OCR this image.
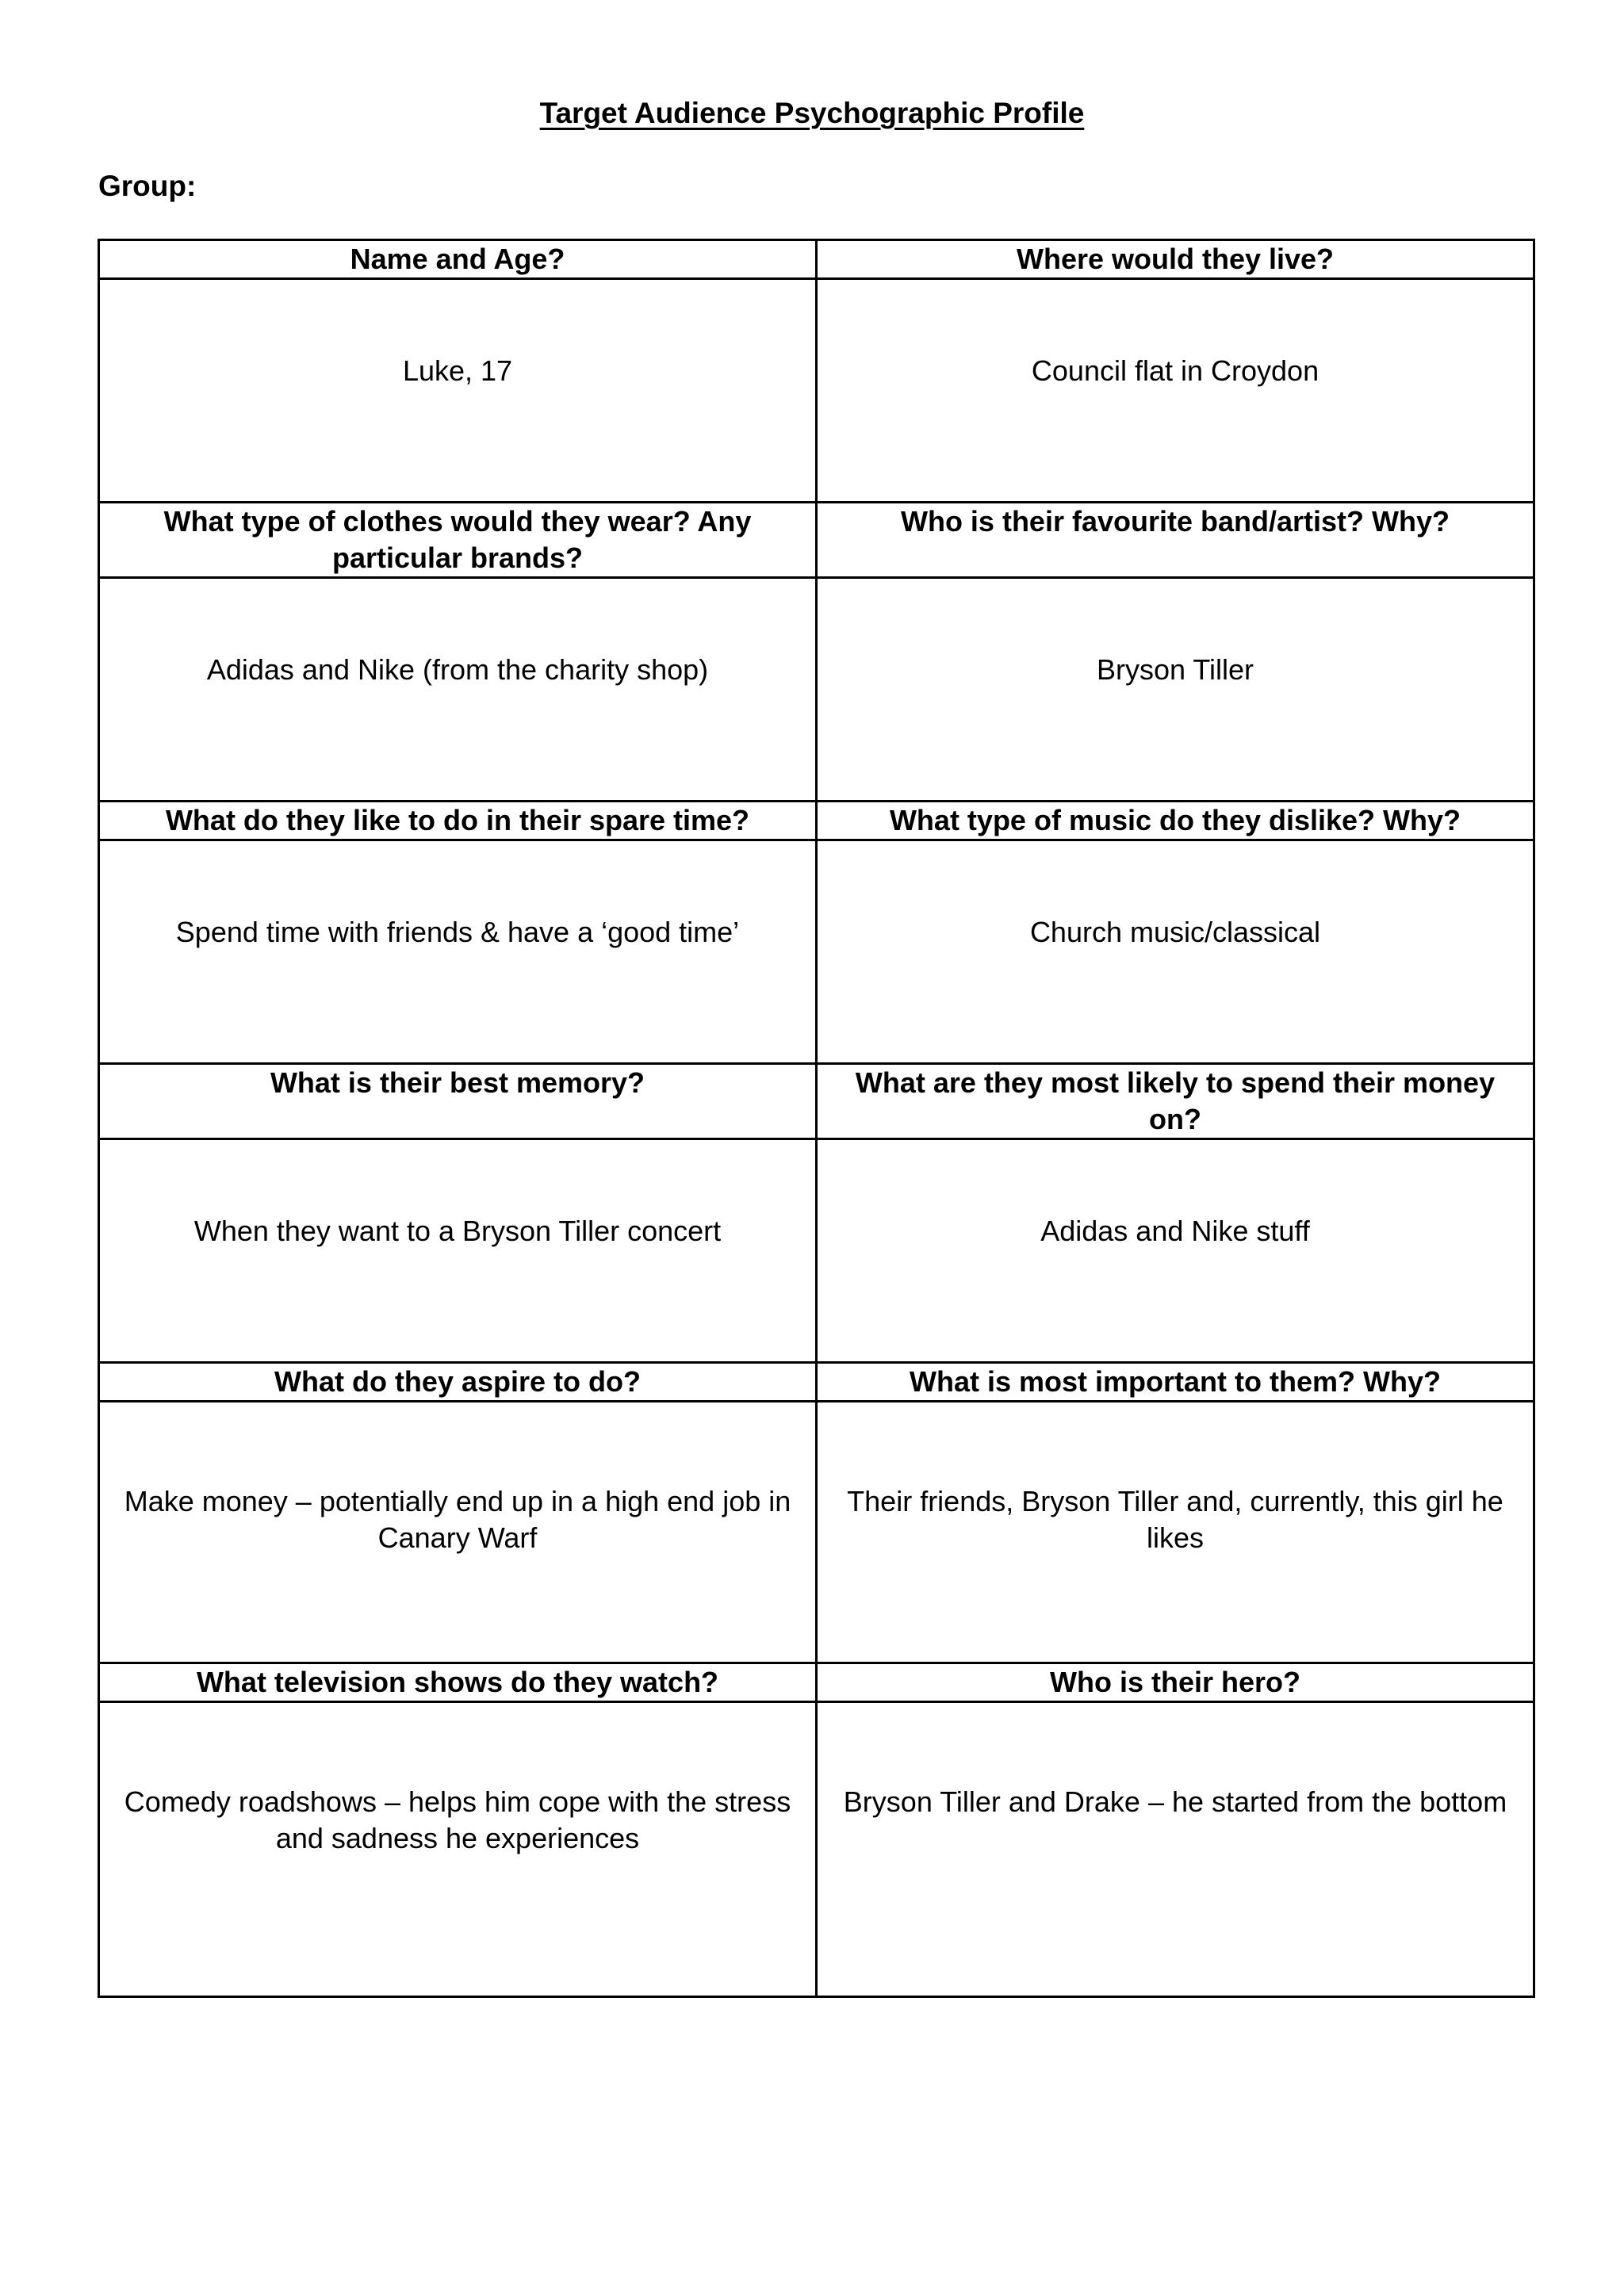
Target Audience Psychographic Profile
Group:
Name and Age?	Where would they live?
Luke, 17	Council flat in Croydon
What type of clothes would they wear? Any particular brands?	Who is their favourite band/artist? Why?
Adidas and Nike (from the charity shop)	Bryson Tiller
What do they like to do in their spare time?	What type of music do they dislike? Why?
Spend time with friends & have a ‘good time’	Church music/classical
What is their best memory?	What are they most likely to spend their money on?
When they want to a Bryson Tiller concert	Adidas and Nike stuff
What do they aspire to do?	What is most important to them? Why?
Make money – potentially end up in a high end job in Canary Warf	Their friends, Bryson Tiller and, currently, this girl he likes
What television shows do they watch?	Who is their hero?
Comedy roadshows – helps him cope with the stress and sadness he experiences	Bryson Tiller and Drake – he started from the bottom
